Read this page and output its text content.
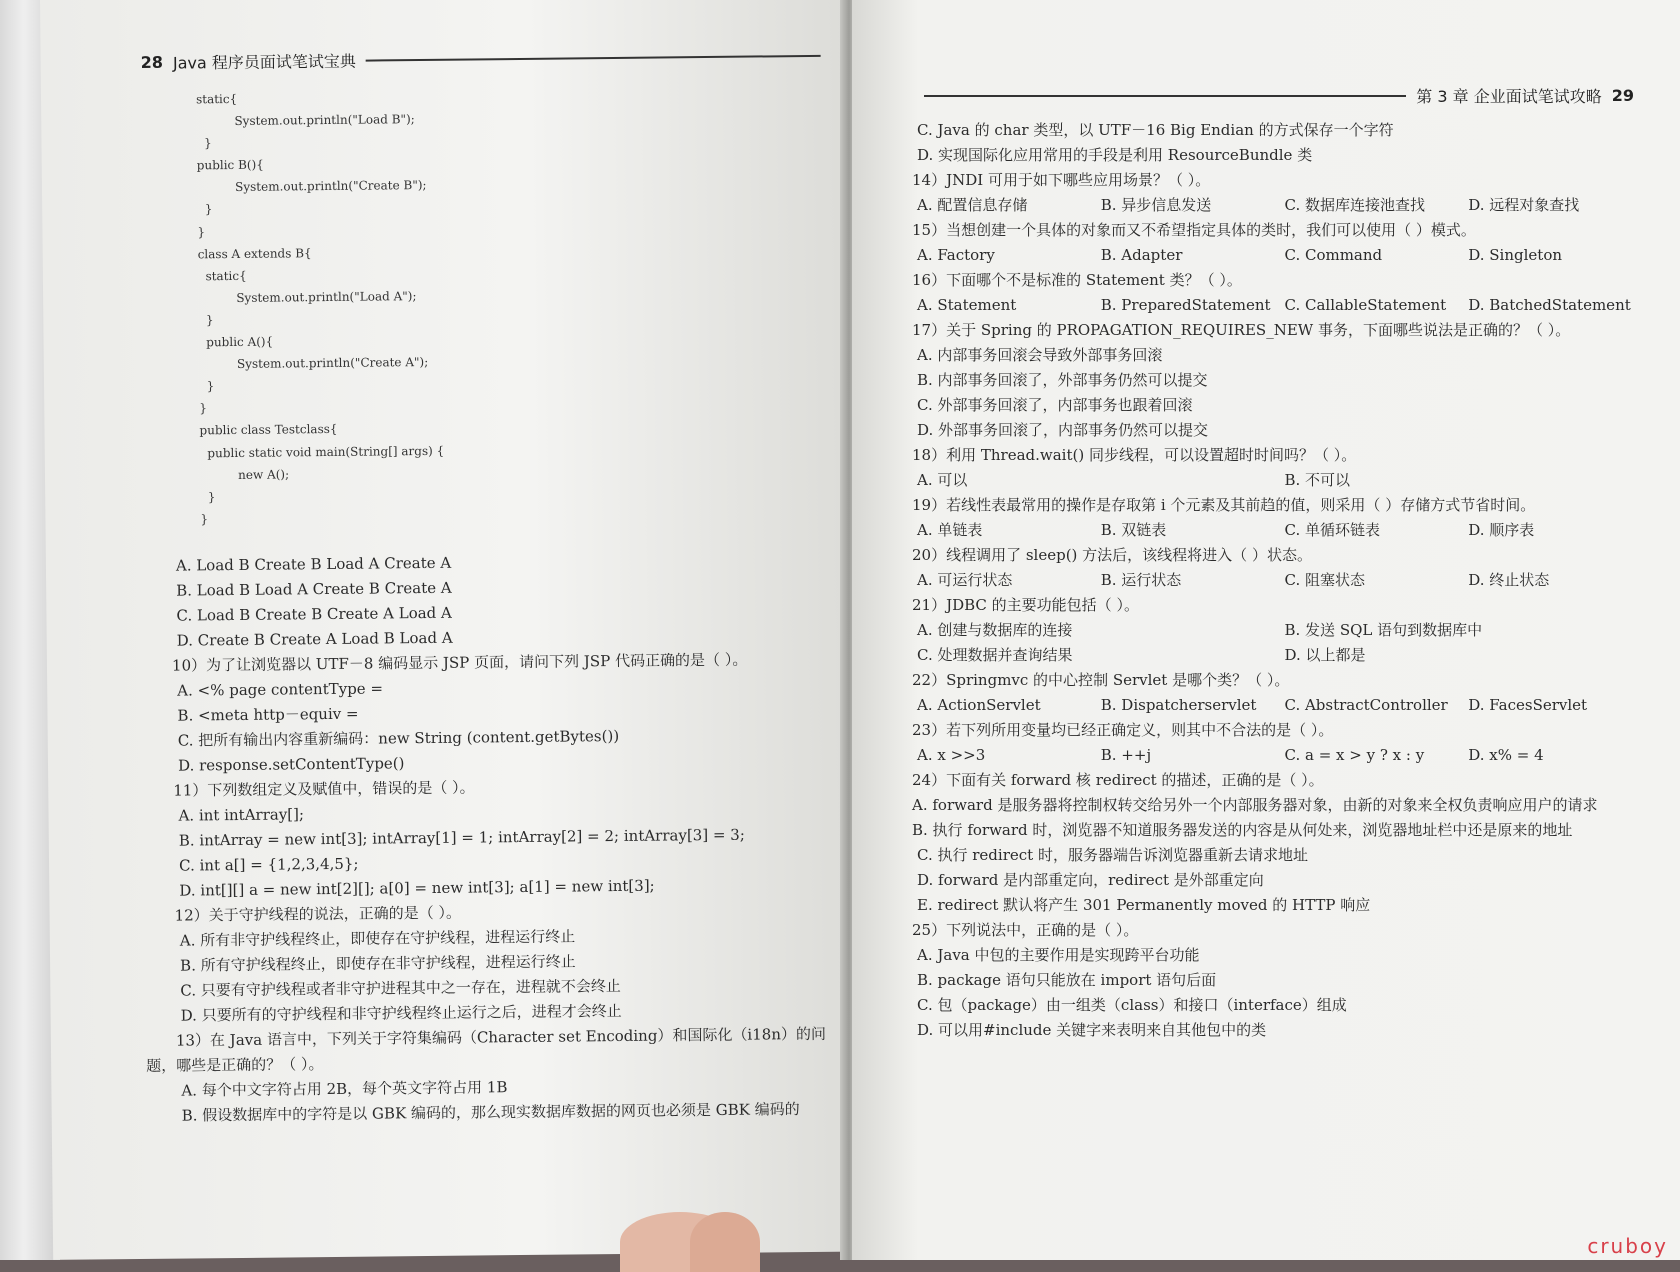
28 Java 程序员面试笔试宝典
static{
System.out.println("Load B");
}
public B(){
System.out.println("Create B");
}
}
class A extends B{
static{
System.out.println("Load A");
}
public A(){
System.out.println("Create A");
}
}
public class Testclass{
public static void main(String[] args) {
new A();
}
}
A. Load B Create B Load A Create A
B. Load B Load A Create B Create A
C. Load B Create B Create A Load A
D. Create B Create A Load B Load A
10）为了让浏览器以 UTF－8 编码显示 JSP 页面，请问下列 JSP 代码正确的是（ ）。
A. <% page contentType =
B. <meta http－equiv =
C. 把所有输出内容重新编码：new String (content.getBytes())
D. response.setContentType()
11）下列数组定义及赋值中，错误的是（ ）。
A. int intArray[];
B. intArray = new int[3]; intArray[1] = 1; intArray[2] = 2; intArray[3] = 3;
C. int a[] = {1,2,3,4,5};
D. int[][] a = new int[2][]; a[0] = new int[3]; a[1] = new int[3];
12）关于守护线程的说法，正确的是（ ）。
A. 所有非守护线程终止，即使存在守护线程，进程运行终止
B. 所有守护线程终止，即使存在非守护线程，进程运行终止
C. 只要有守护线程或者非守护进程其中之一存在，进程就不会终止
D. 只要所有的守护线程和非守护线程终止运行之后，进程才会终止
13）在 Java 语言中，下列关于字符集编码（Character set Encoding）和国际化（i18n）的问题，哪些是正确的？（ ）。
A. 每个中文字符占用 2B，每个英文字符占用 1B
B. 假设数据库中的字符是以 GBK 编码的，那么现实数据库数据的网页也必须是 GBK 编码的
第 3 章 企业面试笔试攻略 29
C. Java 的 char 类型，以 UTF－16 Big Endian 的方式保存一个字符
D. 实现国际化应用常用的手段是利用 ResourceBundle 类
14）JNDI 可用于如下哪些应用场景？（ ）。
A. 配置信息存储	B. 异步信息发送	C. 数据库连接池查找	D. 远程对象查找
15）当想创建一个具体的对象而又不希望指定具体的类时，我们可以使用（ ）模式。
A. Factory	B. Adapter	C. Command	D. Singleton
16）下面哪个不是标准的 Statement 类？（ ）。
A. Statement	B. PreparedStatement C. CallableStatement	D. BatchedStatement
17）关于 Spring 的 PROPAGATION_REQUIRES_NEW 事务，下面哪些说法是正确的？（ ）。
A. 内部事务回滚会导致外部事务回滚
B. 内部事务回滚了，外部事务仍然可以提交
C. 外部事务回滚了，内部事务也跟着回滚
D. 外部事务回滚了，内部事务仍然可以提交
18）利用 Thread.wait() 同步线程，可以设置超时时间吗？（ ）。
A. 可以	B. 不可以
19）若线性表最常用的操作是存取第 i 个元素及其前趋的值，则采用（ ）存储方式节省时间。
A. 单链表	B. 双链表	C. 单循环链表	D. 顺序表
20）线程调用了 sleep() 方法后，该线程将进入（ ）状态。
A. 可运行状态	B. 运行状态	C. 阻塞状态	D. 终止状态
21）JDBC 的主要功能包括（ ）。
A. 创建与数据库的连接	B. 发送 SQL 语句到数据库中
C. 处理数据并查询结果	D. 以上都是
22）Springmvc 的中心控制 Servlet 是哪个类？（ ）。
A. ActionServlet	B. Dispatcherservlet	C. AbstractController	D. FacesServlet
23）若下列所用变量均已经正确定义，则其中不合法的是（ ）。
A. x >>3	B. ++j	C. a = x > y ? x : y	D. x% = 4
24）下面有关 forward 核 redirect 的描述，正确的是（ ）。
A. forward 是服务器将控制权转交给另外一个内部服务器对象，由新的对象来全权负责响应用户的请求
B. 执行 forward 时，浏览器不知道服务器发送的内容是从何处来，浏览器地址栏中还是原来的地址
C. 执行 redirect 时，服务器端告诉浏览器重新去请求地址
D. forward 是内部重定向，redirect 是外部重定向
E. redirect 默认将产生 301 Permanently moved 的 HTTP 响应
25）下列说法中，正确的是（ ）。
A. Java 中包的主要作用是实现跨平台功能
B. package 语句只能放在 import 语句后面
C. 包（package）由一组类（class）和接口（interface）组成
D. 可以用#include 关键字来表明来自其他包中的类
cruboy
